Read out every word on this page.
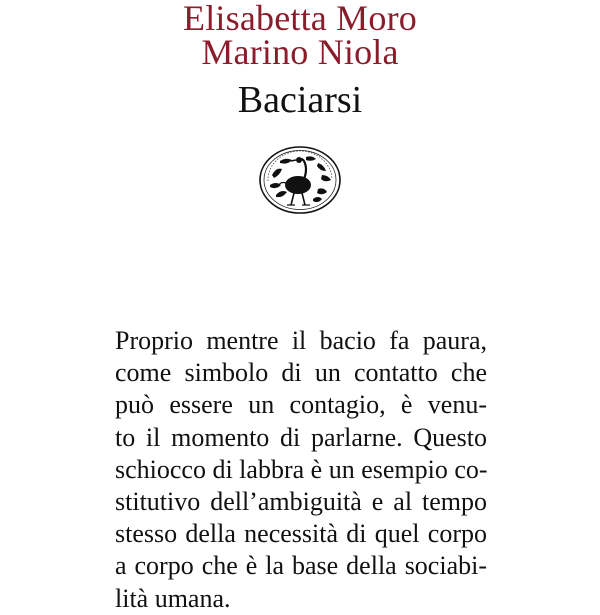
Elisabetta Moro
Marino Niola
Baciarsi
Proprio mentre il bacio fa paura,
come simbolo di un contatto che
può essere un contagio, è venu-
to il momento di parlarne. Questo
schiocco di labbra è un esempio co-
stitutivo dell’ambiguità e al tempo
stesso della necessità di quel corpo
a corpo che è la base della sociabi-
lità umana.
